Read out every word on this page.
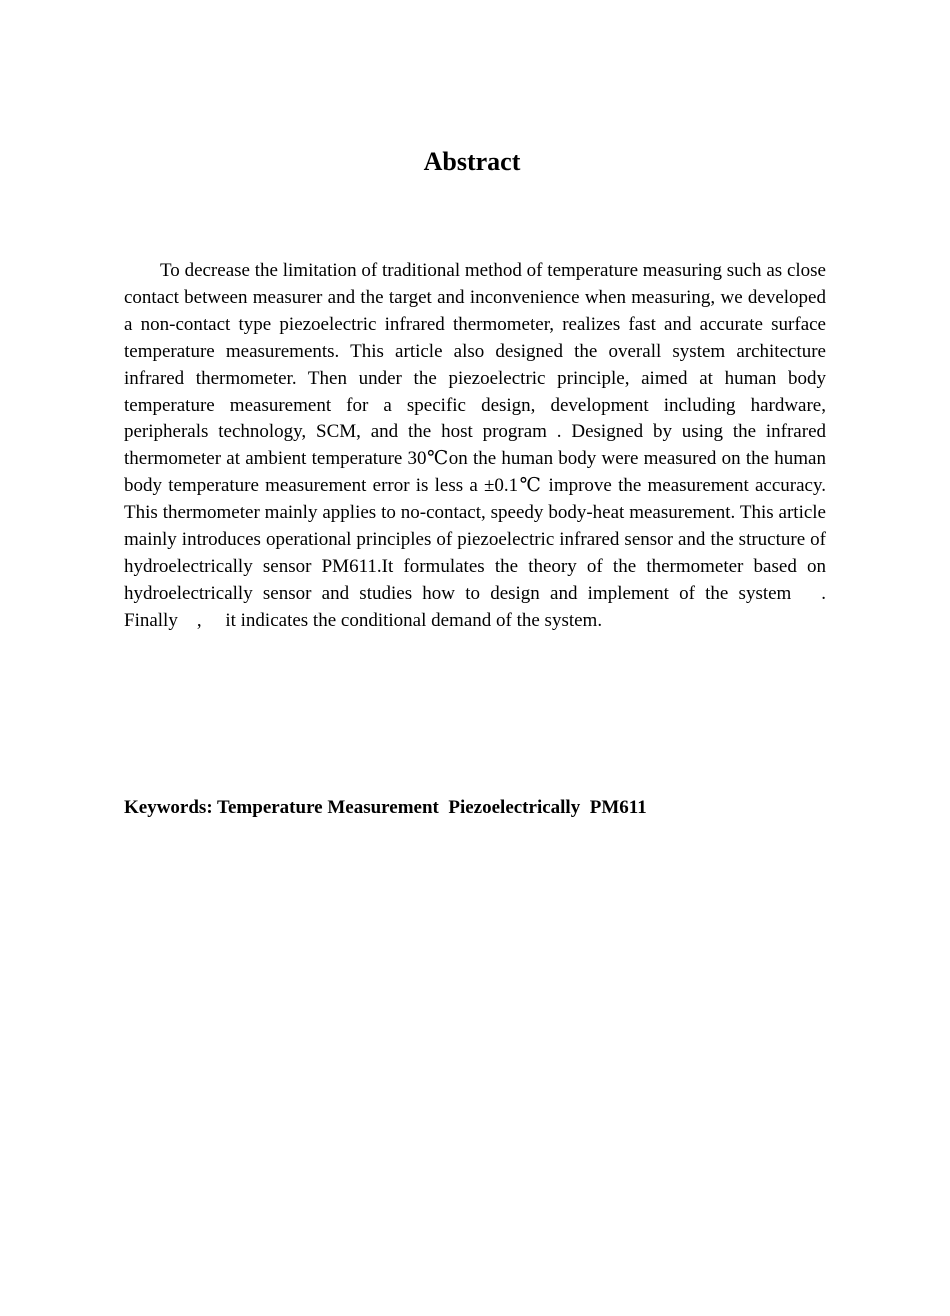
Abstract

To decrease the limitation of traditional method of temperature measuring such as close contact between measurer and the target and inconvenience when measuring, we developed a non-contact type piezoelectric infrared thermometer, realizes fast and accurate surface temperature measurements. This article also designed the overall system architecture infrared thermometer. Then under the piezoelectric principle, aimed at human body temperature measurement for a specific design, development including hardware, peripherals technology, SCM, and the host program . Designed by using the infrared thermometer at ambient temperature 30℃on the human body were measured on the human body temperature measurement error is less a ±0.1℃ improve the measurement accuracy. This thermometer mainly applies to no-contact, speedy body-heat measurement. This article mainly introduces operational principles of piezoelectric infrared sensor and the structure of hydroelectrically sensor PM611.It formulates the theory of the thermometer based on hydroelectrically sensor and studies how to design and implement of the system　.　 Finally　,　 it indicates the conditional demand of the system.

Keywords: Temperature Measurement  Piezoelectrically  PM611
